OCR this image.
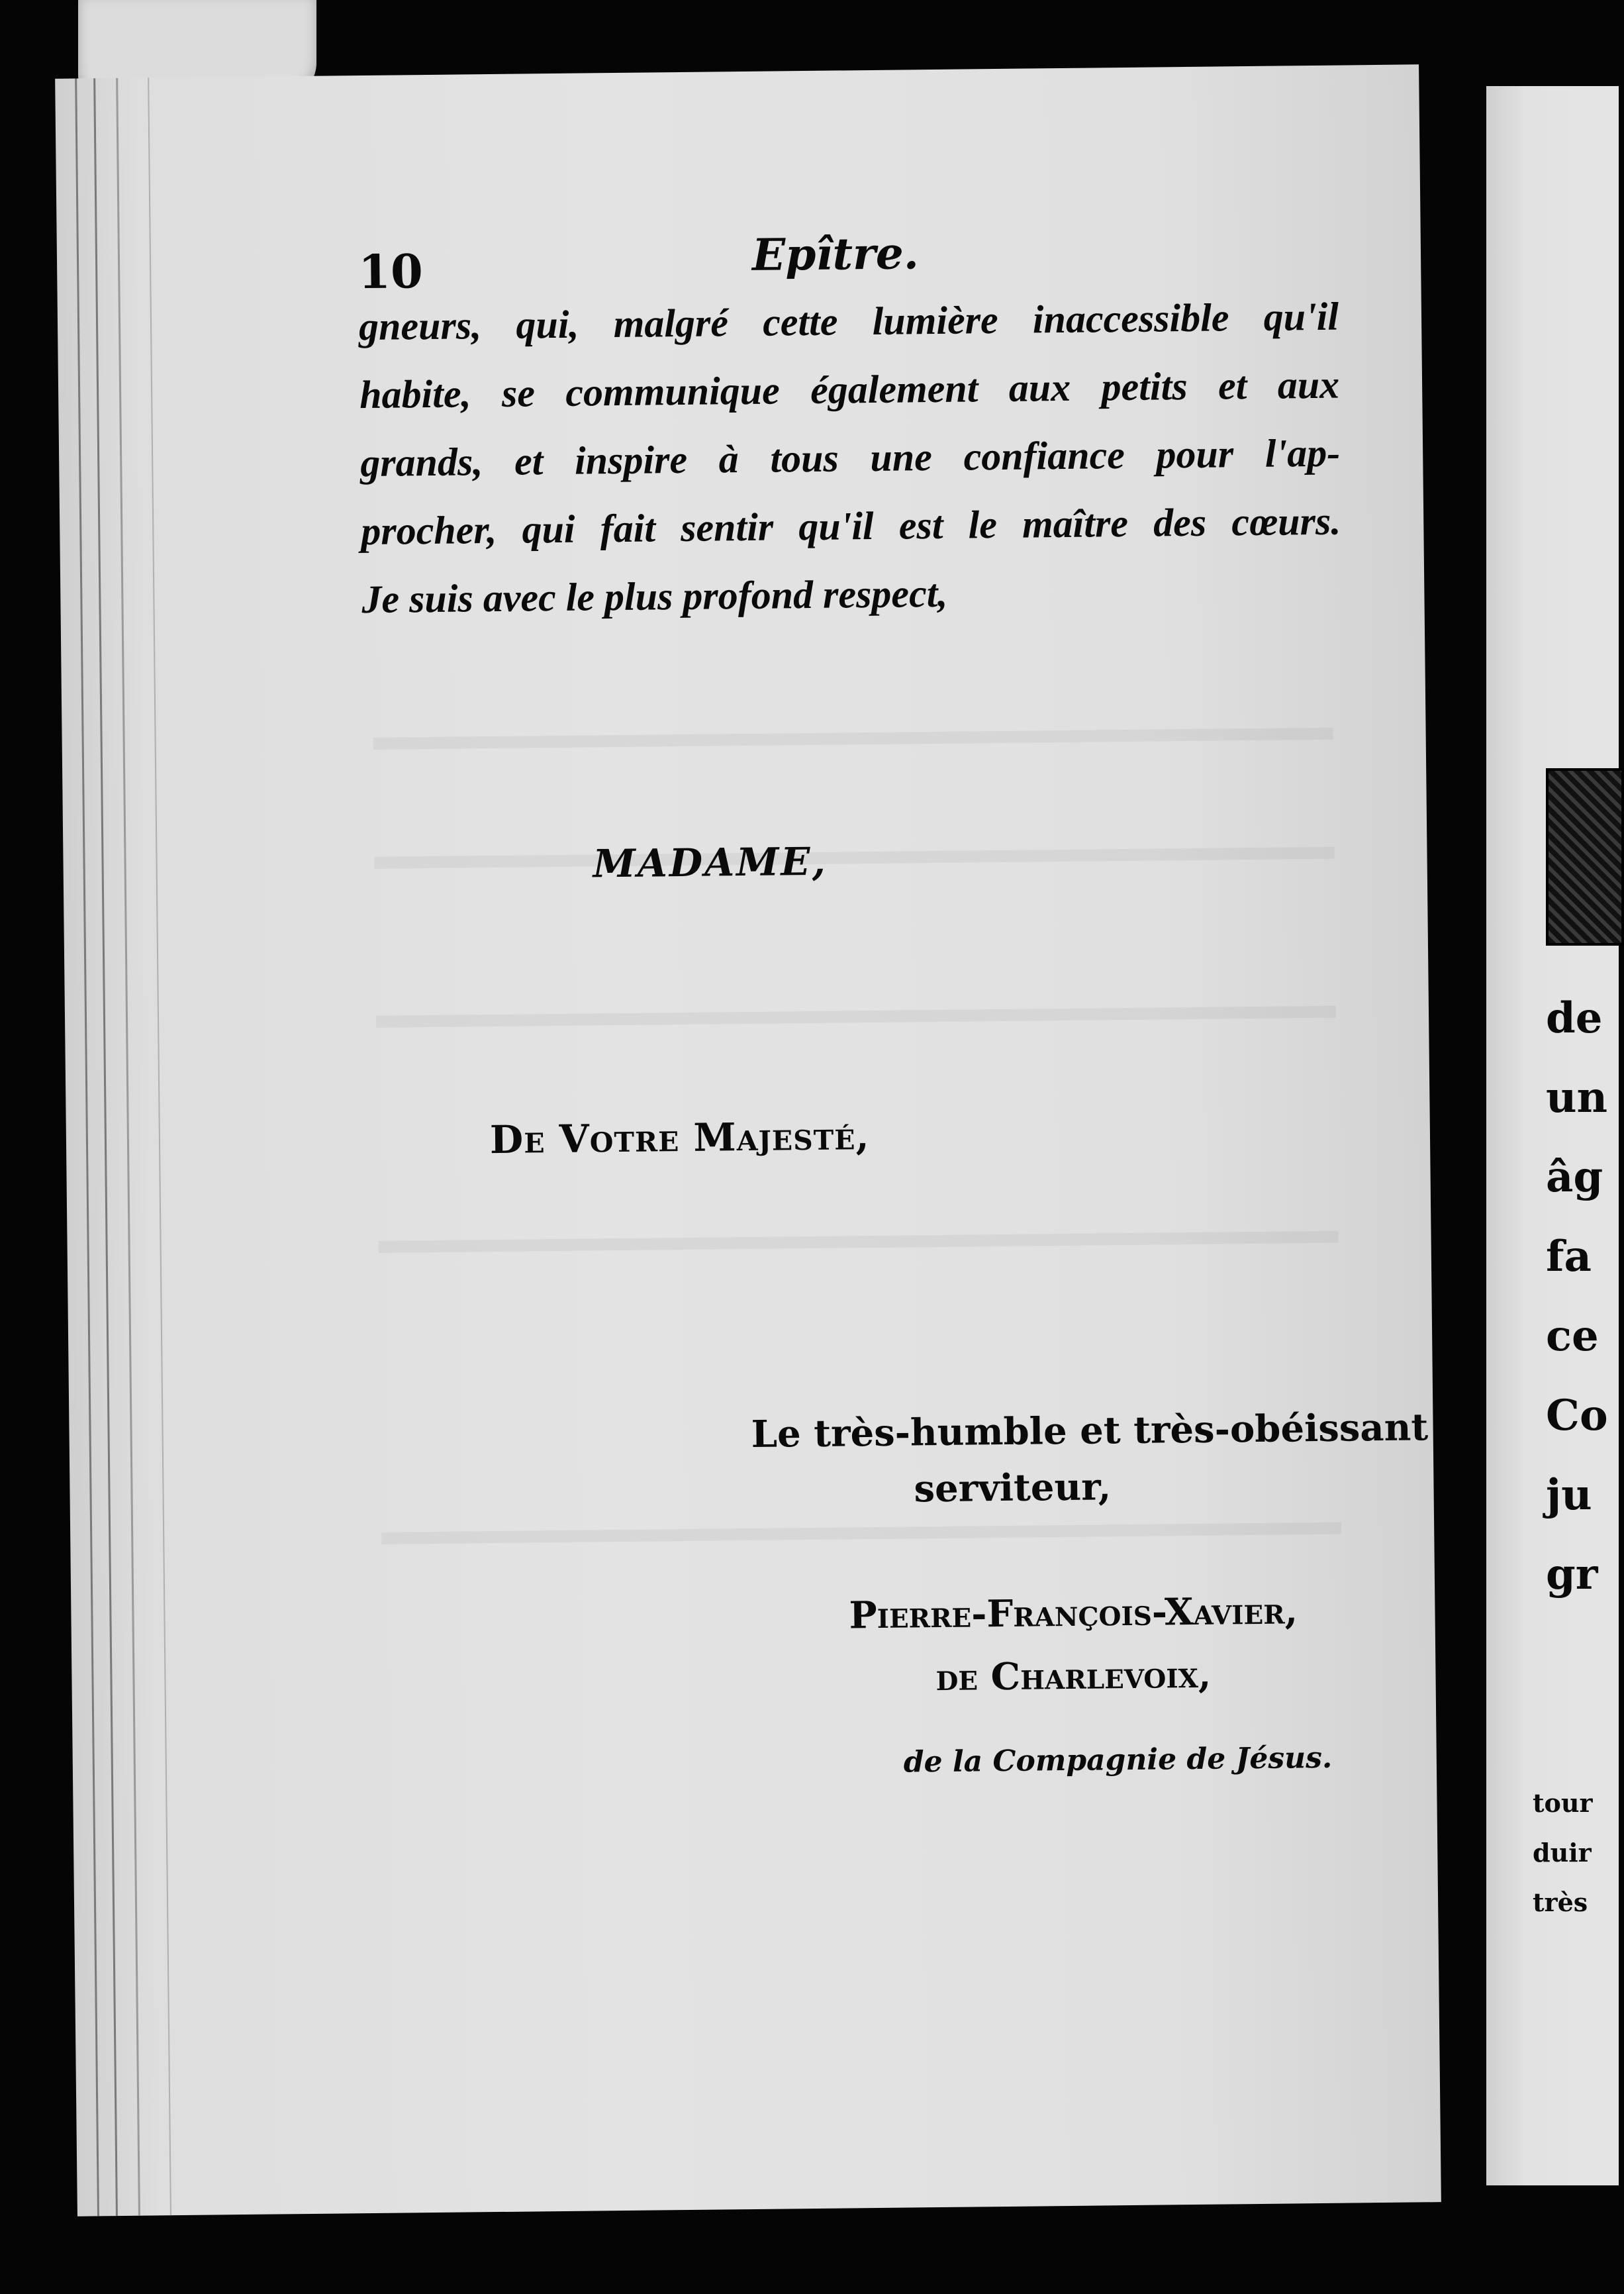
10	Epître.
gneurs, qui, malgré cette lumière inaccessible qu'il
habite, se communique également aux petits et aux
grands, et inspire à tous une confiance pour l'ap-
procher, qui fait sentir qu'il est le maître des cœurs.
Je suis avec le plus profond respect,
MADAME,
De Votre Majesté,
Le très-humble et très-obéissant
serviteur,
Pierre-François-Xavier,
de Charlevoix,
de la Compagnie de Jésus.
de
un
âg
fa
ce
Co
ju
gr
tour
duir
très
